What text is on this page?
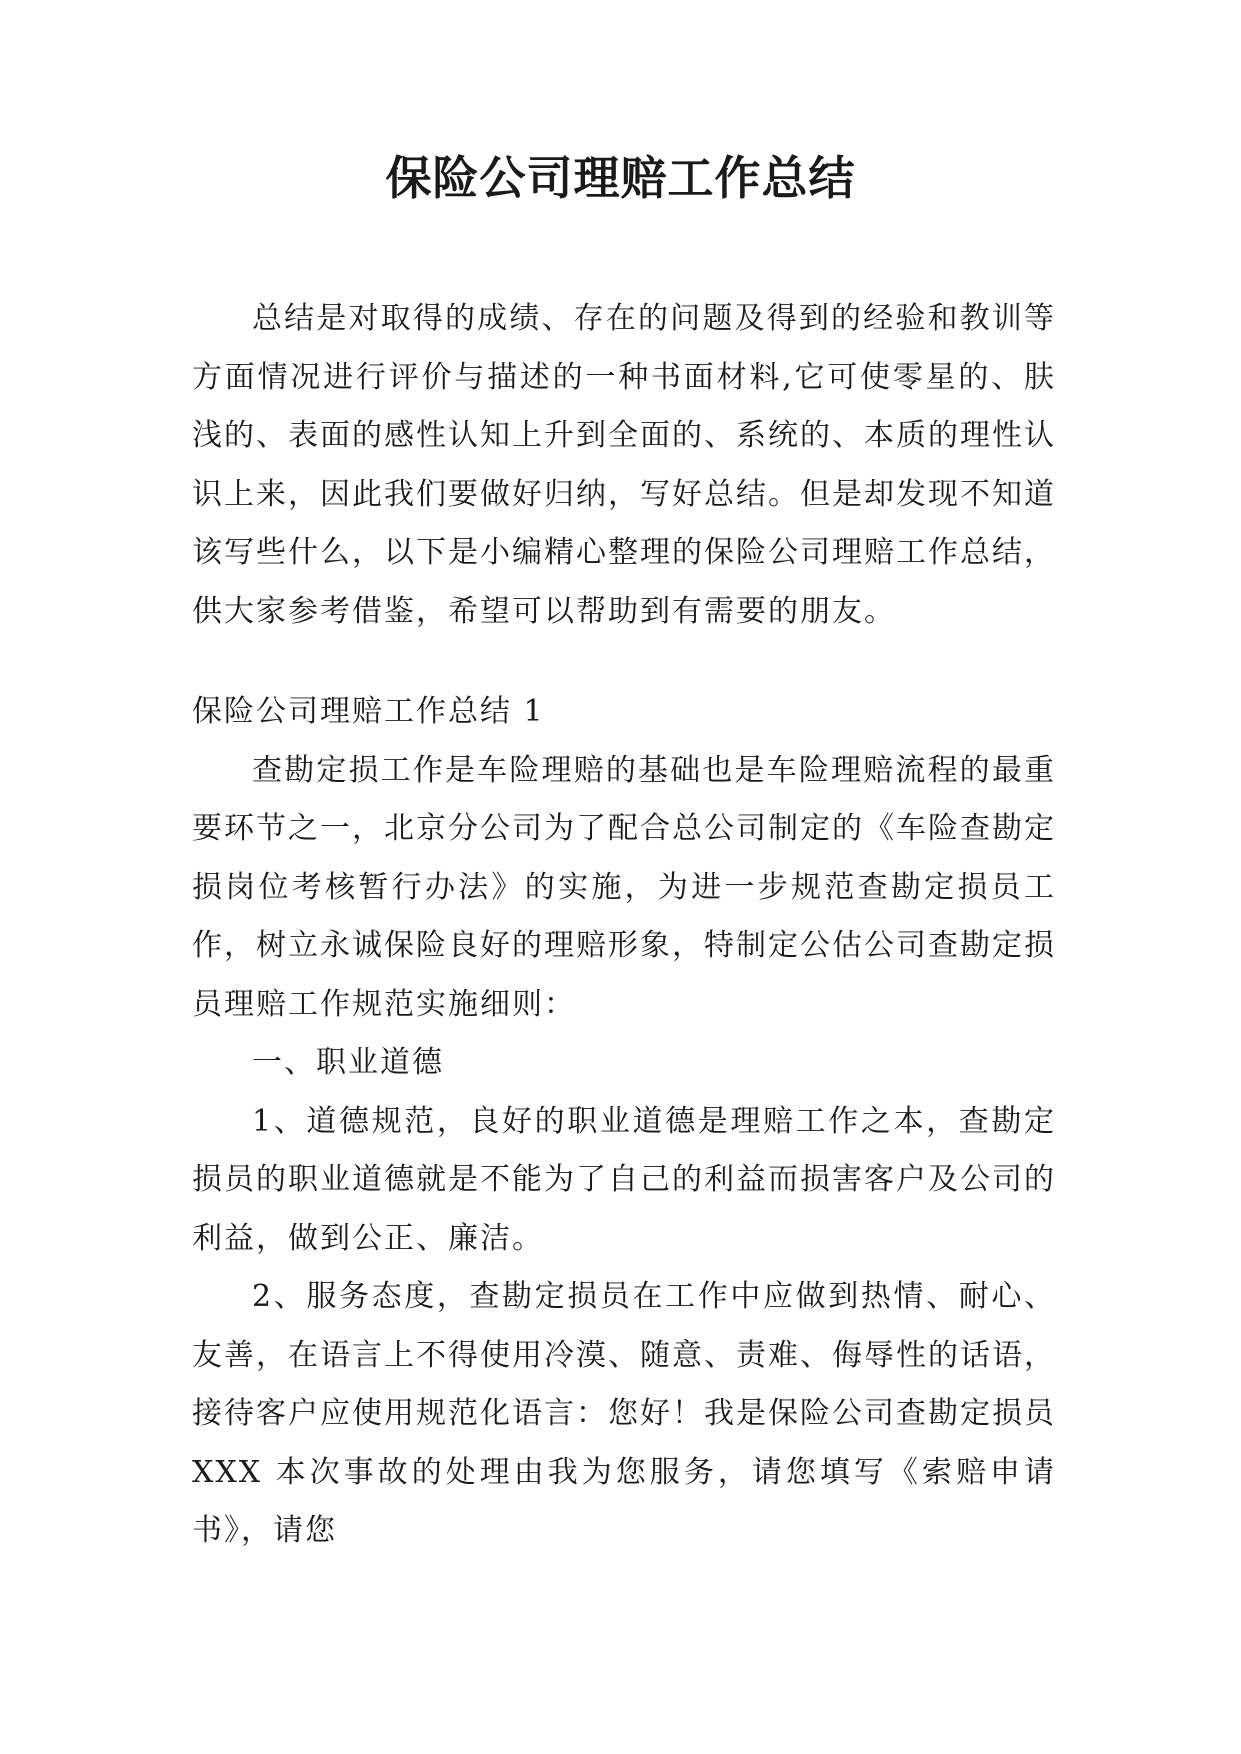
保险公司理赔工作总结

总结是对取得的成绩、存在的问题及得到的经验和教训等方面情况进行评价与描述的一种书面材料,它可使零星的、肤浅的、表面的感性认知上升到全面的、系统的、本质的理性认识上来，因此我们要做好归纳，写好总结。但是却发现不知道该写些什么，以下是小编精心整理的保险公司理赔工作总结，供大家参考借鉴，希望可以帮助到有需要的朋友。

保险公司理赔工作总结 1

查勘定损工作是车险理赔的基础也是车险理赔流程的最重要环节之一，北京分公司为了配合总公司制定的《车险查勘定损岗位考核暂行办法》的实施，为进一步规范查勘定损员工作，树立永诚保险良好的理赔形象，特制定公估公司查勘定损员理赔工作规范实施细则：

一、职业道德

1、道德规范，良好的职业道德是理赔工作之本，查勘定损员的职业道德就是不能为了自己的利益而损害客户及公司的利益，做到公正、廉洁。

2、服务态度，查勘定损员在工作中应做到热情、耐心、友善，在语言上不得使用冷漠、随意、责难、侮辱性的话语，接待客户应使用规范化语言：您好！我是保险公司查勘定损员 XXX 本次事故的处理由我为您服务，请您填写《索赔申请书》，请您
